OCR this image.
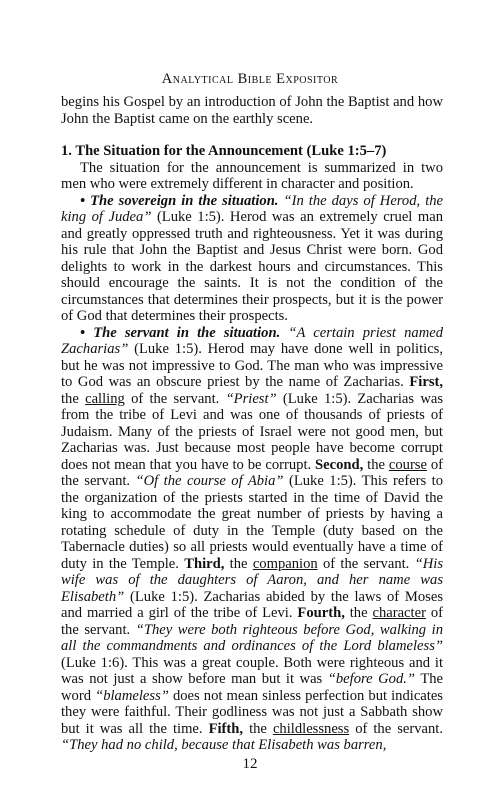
Analytical Bible Expositor

begins his Gospel by an introduction of John the Baptist and how John the Baptist came on the earthly scene.

1. The Situation for the Announcement (Luke 1:5–7)

The situation for the announcement is summarized in two men who were extremely different in character and position.

• The sovereign in the situation. “In the days of Herod, the king of Judea” (Luke 1:5). Herod was an extremely cruel man and greatly oppressed truth and righteousness. Yet it was during his rule that John the Baptist and Jesus Christ were born. God delights to work in the darkest hours and circumstances. This should encourage the saints. It is not the condition of the circumstances that determines their prospects, but it is the power of God that determines their prospects.

• The servant in the situation. “A certain priest named Zacharias” (Luke 1:5). Herod may have done well in politics, but he was not impressive to God. The man who was impressive to God was an obscure priest by the name of Zacharias. First, the calling of the servant. “Priest” (Luke 1:5). Zacharias was from the tribe of Levi and was one of thousands of priests of Judaism. Many of the priests of Israel were not good men, but Zacharias was. Just because most people have become corrupt does not mean that you have to be corrupt. Second, the course of the servant. “Of the course of Abia” (Luke 1:5). This refers to the organization of the priests started in the time of David the king to accommodate the great number of priests by having a rotating schedule of duty in the Temple (duty based on the Tabernacle duties) so all priests would eventually have a time of duty in the Temple. Third, the companion of the servant. “His wife was of the daughters of Aaron, and her name was Elisabeth” (Luke 1:5). Zacharias abided by the laws of Moses and married a girl of the tribe of Levi. Fourth, the character of the servant. “They were both righteous before God, walking in all the commandments and ordinances of the Lord blameless” (Luke 1:6). This was a great couple. Both were righteous and it was not just a show before man but it was “before God.” The word “blameless” does not mean sinless perfection but indicates they were faithful. Their godliness was not just a Sabbath show but it was all the time. Fifth, the childlessness of the servant. “They had no child, because that Elisabeth was barren,

12
